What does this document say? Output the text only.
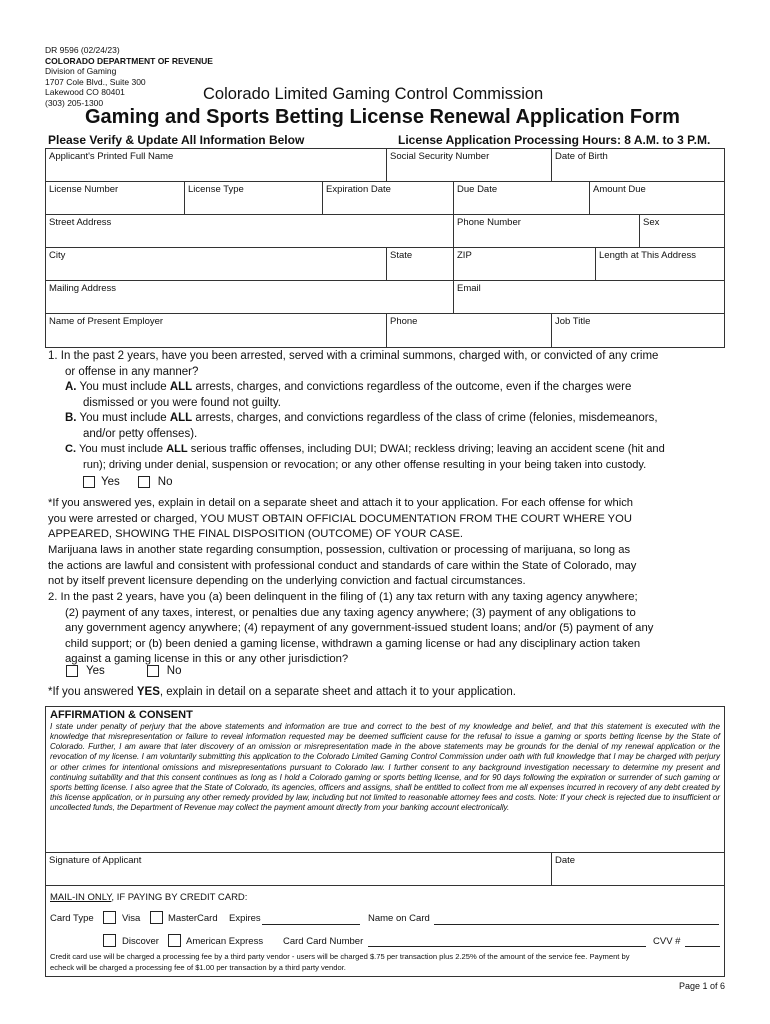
DR 9596 (02/24/23)
COLORADO DEPARTMENT OF REVENUE
Division of Gaming
1707 Cole Blvd., Suite 300
Lakewood CO 80401
(303) 205-1300	Colorado Limited Gaming Control Commission
Gaming and Sports Betting License Renewal Application Form
Please Verify & Update All Information Below	License Application Processing Hours: 8 A.M. to 3 P.M.
Applicant's Printed Full Name	Social Security Number	Date of Birth
License Number	License Type	Expiration Date	Due Date	Amount Due
Street Address	Phone Number	Sex
City	State	ZIP	Length at This Address
Mailing Address	Email
Name of Present Employer	Phone	Job Title
1. In the past 2 years, have you been arrested, served with a criminal summons, charged with, or convicted of any crime
or offense in any manner?
A. You must include ALL arrests, charges, and convictions regardless of the outcome, even if the charges were
dismissed or you were found not guilty.
B. You must include ALL arrests, charges, and convictions regardless of the class of crime (felonies, misdemeanors,
and/or petty offenses).
C. You must include ALL serious traffic offenses, including DUI; DWAI; reckless driving; leaving an accident scene (hit and
run); driving under denial, suspension or revocation; or any other offense resulting in your being taken into custody.
Yes	No
*If you answered yes, explain in detail on a separate sheet and attach it to your application. For each offense for which
you were arrested or charged, YOU MUST OBTAIN OFFICIAL DOCUMENTATION FROM THE COURT WHERE YOU
APPEARED, SHOWING THE FINAL DISPOSITION (OUTCOME) OF YOUR CASE.
Marijuana laws in another state regarding consumption, possession, cultivation or processing of marijuana, so long as
the actions are lawful and consistent with professional conduct and standards of care within the State of Colorado, may
not by itself prevent licensure depending on the underlying conviction and factual circumstances.
2. In the past 2 years, have you (a) been delinquent in the filing of (1) any tax return with any taxing agency anywhere;
(2) payment of any taxes, interest, or penalties due any taxing agency anywhere; (3) payment of any obligations to
any government agency anywhere; (4) repayment of any government-issued student loans; and/or (5) payment of any
child support; or (b) been denied a gaming license, withdrawn a gaming license or had any disciplinary action taken
against a gaming license in this or any other jurisdiction?
Yes	No
*If you answered YES, explain in detail on a separate sheet and attach it to your application.
AFFIRMATION & CONSENT
I state under penalty of perjury that the above statements and information are true and correct to the best of my knowledge and belief, and that this statement is executed with the knowledge that misrepresentation or failure to reveal information requested may be deemed sufficient cause for the refusal to issue a gaming or sports betting license by the State of Colorado. Further, I am aware that later discovery of an omission or misrepresentation made in the above statements may be grounds for the denial of my renewal application or the revocation of my license. I am voluntarily submitting this application to the Colorado Limited Gaming Control Commission under oath with full knowledge that I may be charged with perjury or other crimes for intentional omissions and misrepresentations pursuant to Colorado law. I further consent to any background investigation necessary to determine my present and continuing suitability and that this consent continues as long as I hold a Colorado gaming or sports betting license, and for 90 days following the expiration or surrender of such gaming or sports betting license. I also agree that the State of Colorado, its agencies, officers and assigns, shall be entitled to collect from me all expenses incurred in recovery of any debt created by this license application, or in pursuing any other remedy provided by law, including but not limited to reasonable attorney fees and costs. Note: If your check is rejected due to insufficient or uncollected funds, the Department of Revenue may collect the payment amount directly from your banking account electronically.
Signature of Applicant	Date
MAIL-IN ONLY, IF PAYING BY CREDIT CARD:
Card Type	Visa	MasterCard Expires	Name on Card
Discover	American Express Card Card Number	CVV #
Credit card use will be charged a processing fee by a third party vendor - users will be charged $.75 per transaction plus 2.25% of the amount of the service fee. Payment by
echeck will be charged a processing fee of $1.00 per transaction by a third party vendor.
Page 1 of 6
